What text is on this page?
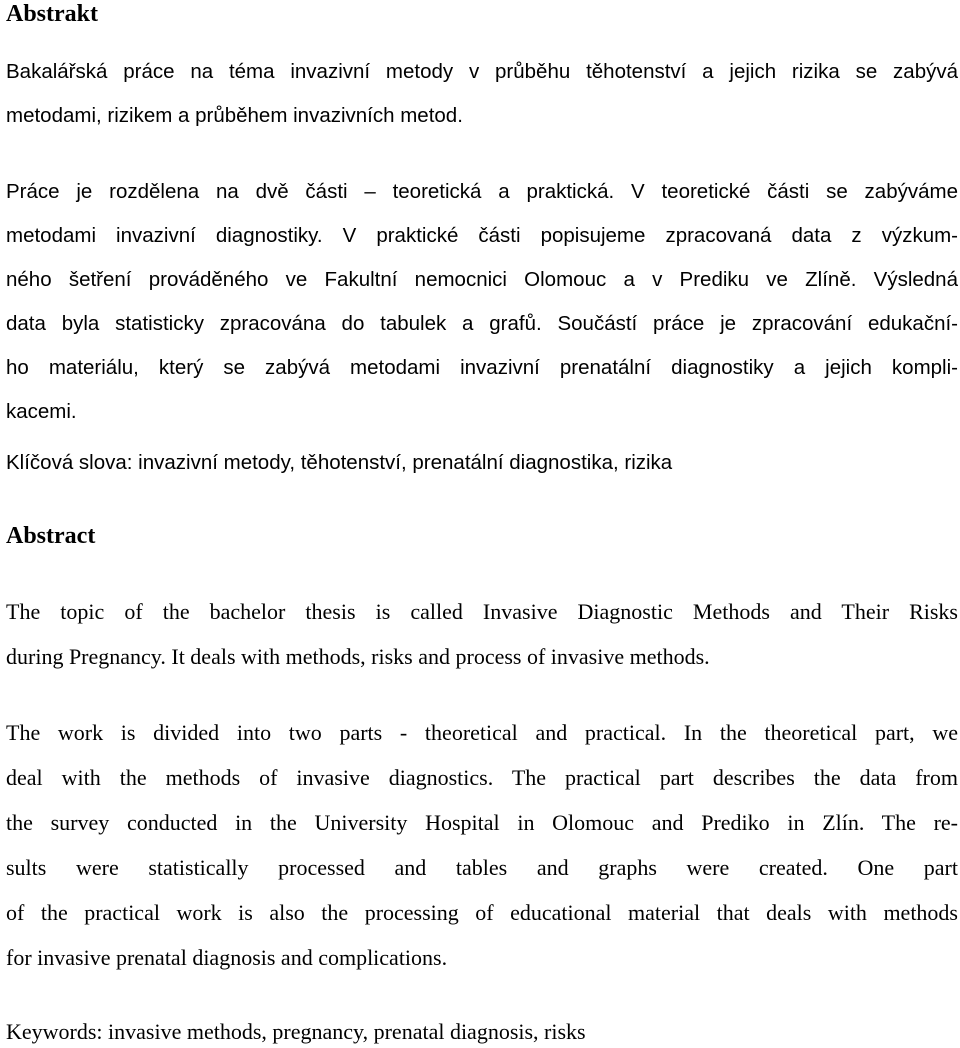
Abstrakt
Bakalářská práce na téma invazivní metody v průběhu těhotenství a jejich rizika se zabývá
metodami, rizikem a průběhem invazivních metod.
Práce je rozdělena na dvě části – teoretická a praktická. V teoretické části se zabýváme
metodami invazivní diagnostiky. V praktické části popisujeme zpracovaná data z výzkum-
ného šetření prováděného ve Fakultní nemocnici Olomouc a v Prediku ve Zlíně. Výsledná
data byla statisticky zpracována do tabulek a grafů. Součástí práce je zpracování edukační-
ho materiálu, který se zabývá metodami invazivní prenatální diagnostiky a jejich kompli-
kacemi.
Klíčová slova: invazivní metody, těhotenství, prenatální diagnostika, rizika
Abstract
The topic of the bachelor thesis is called Invasive Diagnostic Methods and Their Risks
during Pregnancy. It deals with methods, risks and process of invasive methods.
The work is divided into two parts - theoretical and practical. In the theoretical part, we
deal with the methods of invasive diagnostics. The practical part describes the data from
the survey conducted in the University Hospital in Olomouc and Prediko in Zlín. The re-
sults were statistically processed and tables and graphs were created. One part
of the practical work is also the processing of educational material that deals with methods
for invasive prenatal diagnosis and complications.
Keywords: invasive methods, pregnancy, prenatal diagnosis, risks
